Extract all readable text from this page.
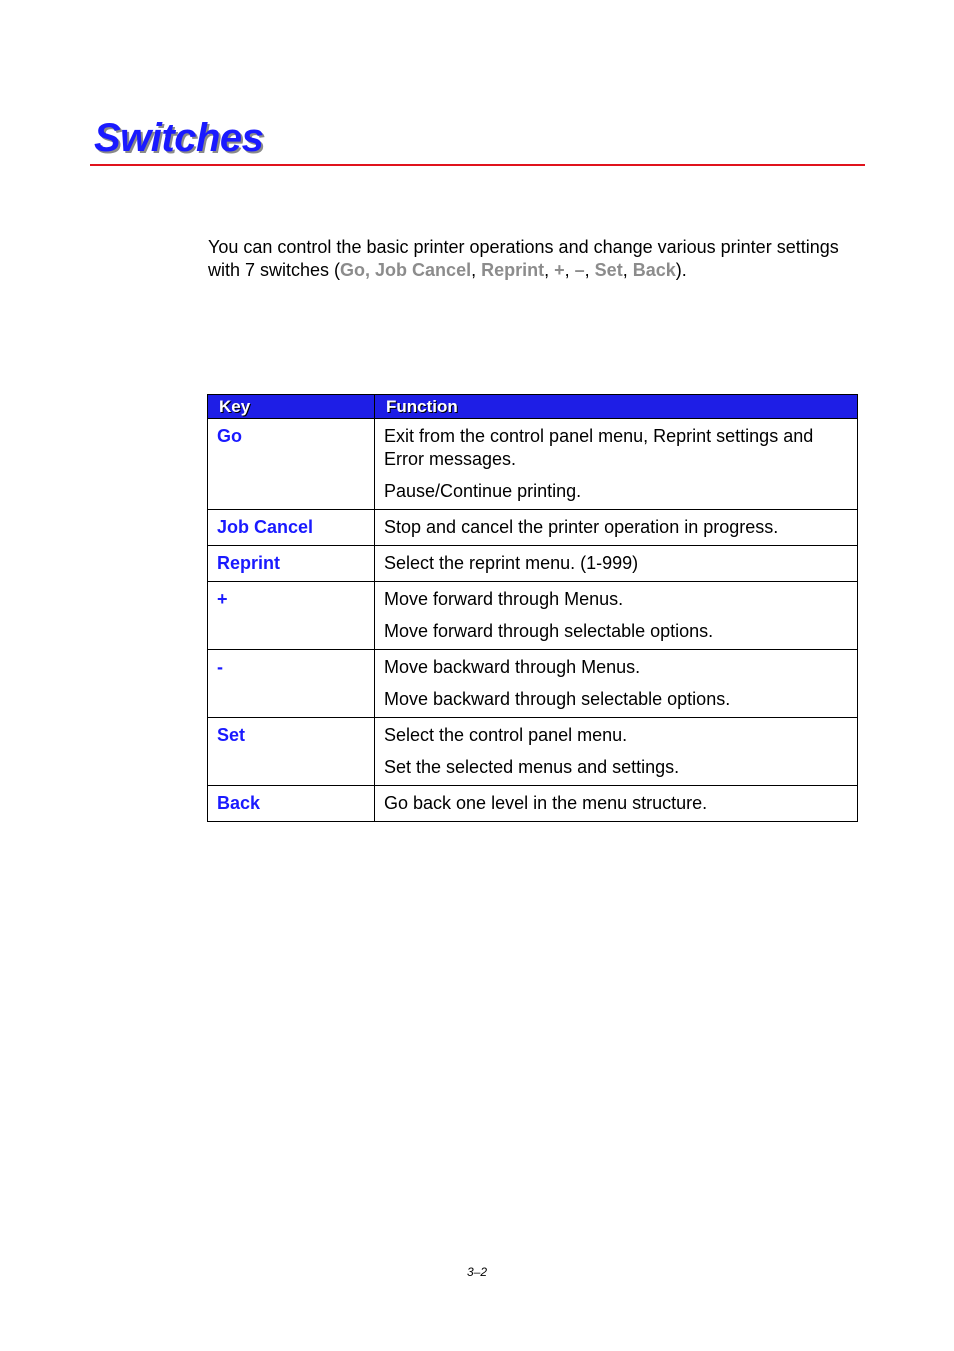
Switches

You can control the basic printer operations and change various printer settings with 7 switches (Go, Job Cancel, Reprint, +, –, Set, Back).

Key	Function
Go	Exit from the control panel menu, Reprint settings and Error messages.

Pause/Continue printing.

Job Cancel	Stop and cancel the printer operation in progress.

Reprint	Select the reprint menu. (1-999)

+	Move forward through Menus.

Move forward through selectable options.

-	Move backward through Menus.

Move backward through selectable options.

Set	Select the control panel menu.

Set the selected menus and settings.

Back	Go back one level in the menu structure.

3–2
